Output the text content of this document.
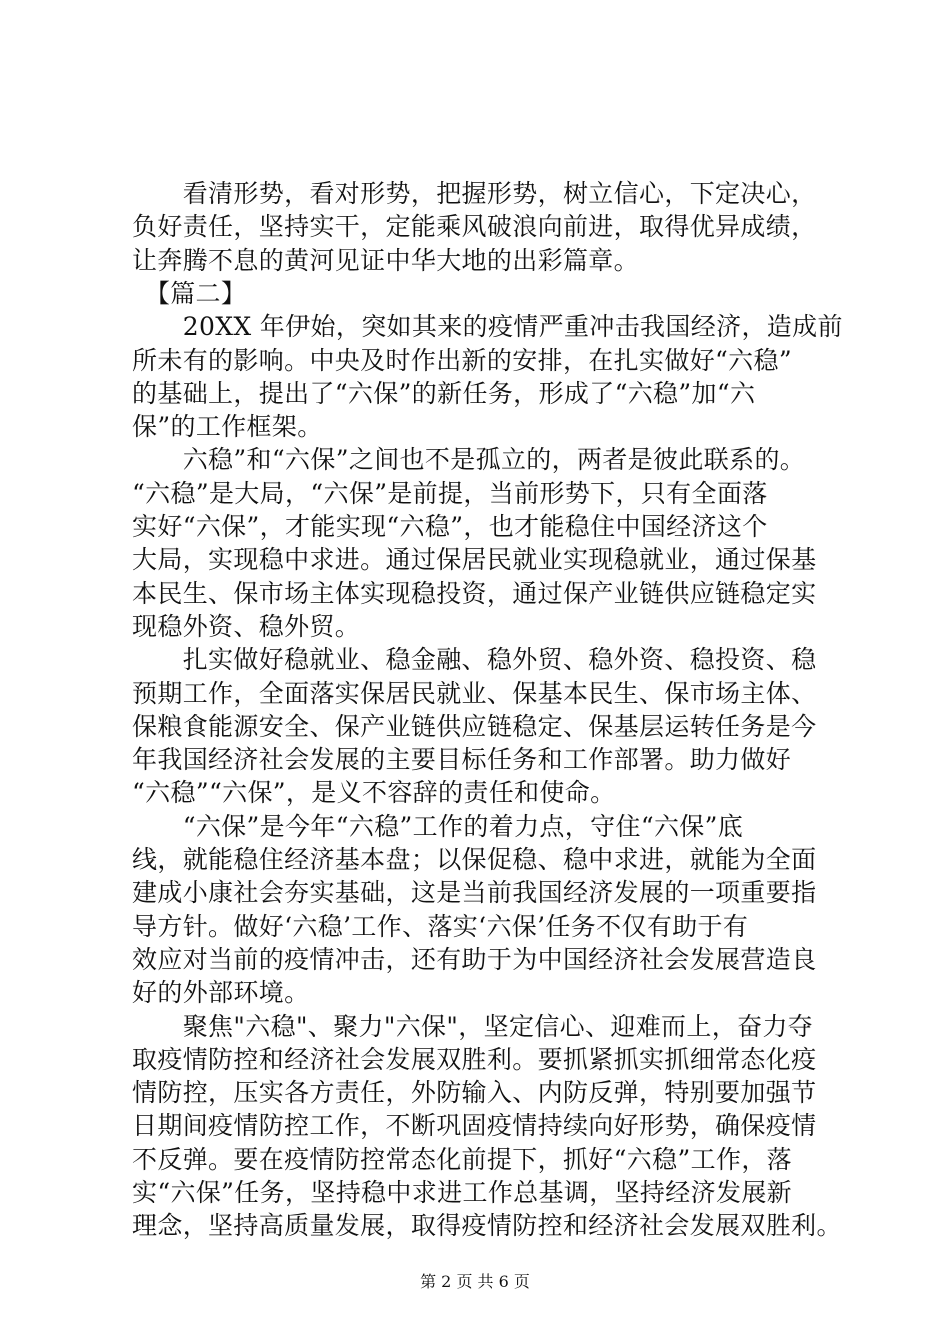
　　看清形势，看对形势，把握形势，树立信心，下定决心，
负好责任，坚持实干，定能乘风破浪向前进，取得优异成绩，
让奔腾不息的黄河见证中华大地的出彩篇章。
　【篇二】
　　20XX 年伊始，突如其来的疫情严重冲击我国经济，造成前
所未有的影响。中央及时作出新的安排，在扎实做好“六稳”
的基础上，提出了“六保”的新任务，形成了“六稳”加“六
保”的工作框架。
　　六稳”和“六保”之间也不是孤立的，两者是彼此联系的。
“六稳”是大局，“六保”是前提，当前形势下，只有全面落
实好“六保”，才能实现“六稳”，也才能稳住中国经济这个
大局，实现稳中求进。通过保居民就业实现稳就业，通过保基
本民生、保市场主体实现稳投资，通过保产业链供应链稳定实
现稳外资、稳外贸。
　　扎实做好稳就业、稳金融、稳外贸、稳外资、稳投资、稳
预期工作，全面落实保居民就业、保基本民生、保市场主体、
保粮食能源安全、保产业链供应链稳定、保基层运转任务是今
年我国经济社会发展的主要目标任务和工作部署。助力做好
“六稳”“六保”，是义不容辞的责任和使命。
　　“六保”是今年“六稳”工作的着力点，守住“六保”底
线，就能稳住经济基本盘；以保促稳、稳中求进，就能为全面
建成小康社会夯实基础，这是当前我国经济发展的一项重要指
导方针。做好‘六稳’工作、落实‘六保’任务不仅有助于有
效应对当前的疫情冲击，还有助于为中国经济社会发展营造良
好的外部环境。
　　聚焦"六稳"、聚力"六保"，坚定信心、迎难而上，奋力夺
取疫情防控和经济社会发展双胜利。要抓紧抓实抓细常态化疫
情防控，压实各方责任，外防输入、内防反弹，特别要加强节
日期间疫情防控工作，不断巩固疫情持续向好形势，确保疫情
不反弹。要在疫情防控常态化前提下，抓好“六稳”工作，落
实“六保”任务，坚持稳中求进工作总基调，坚持经济发展新
理念，坚持高质量发展，取得疫情防控和经济社会发展双胜利。
第 2 页 共 6 页
